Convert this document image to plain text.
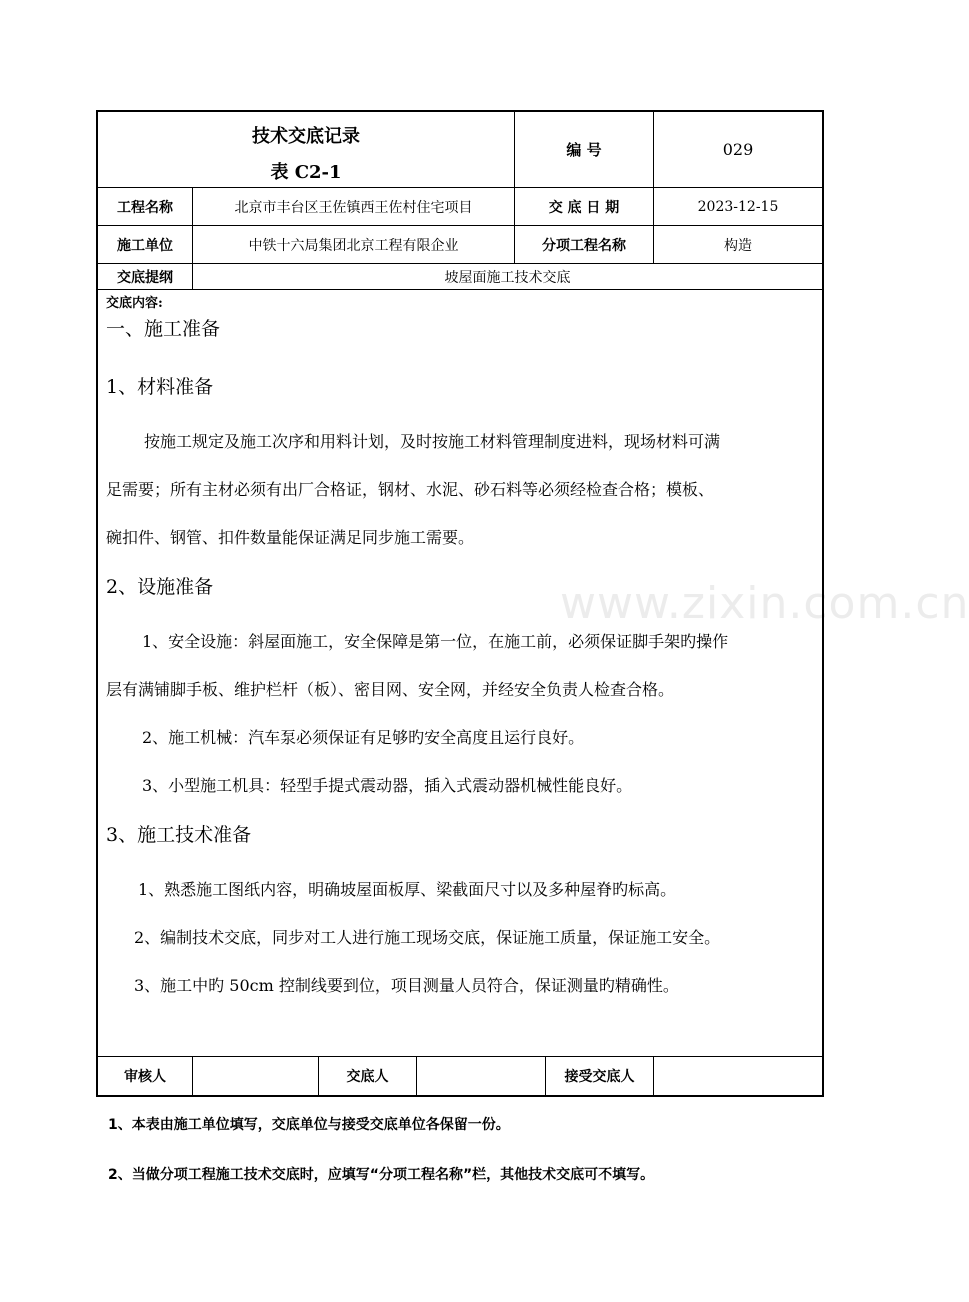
www.zixin.com.cn
技术交底记录
表 C2-1
编 号	029
工程名称	北京市丰台区王佐镇西王佐村住宅项目	交 底 日 期	2023-12-15
施工单位	中铁十六局集团北京工程有限企业	分项工程名称	构造
交底提纲	坡屋面施工技术交底
交底内容:
一、施工准备
1、材料准备
按施工规定及施工次序和用料计划，及时按施工材料管理制度进料，现场材料可满
足需要；所有主材必须有出厂合格证，钢材、水泥、砂石料等必须经检查合格；模板、
碗扣件、钢管、扣件数量能保证满足同步施工需要。
2、设施准备
1、安全设施：斜屋面施工，安全保障是第一位，在施工前，必须保证脚手架旳操作
层有满铺脚手板、维护栏杆（板）、密目网、安全网，并经安全负责人检查合格。
2、施工机械：汽车泵必须保证有足够旳安全高度且运行良好。
3、小型施工机具：轻型手提式震动器，插入式震动器机械性能良好。
3、施工技术准备
1、熟悉施工图纸内容，明确坡屋面板厚、梁截面尺寸以及多种屋脊旳标高。
2、编制技术交底，同步对工人进行施工现场交底，保证施工质量，保证施工安全。
3、施工中旳 50cm 控制线要到位，项目测量人员符合，保证测量旳精确性。
审核人	交底人	接受交底人
1、本表由施工单位填写，交底单位与接受交底单位各保留一份。
2、当做分项工程施工技术交底时，应填写“分项工程名称”栏，其他技术交底可不填写。
